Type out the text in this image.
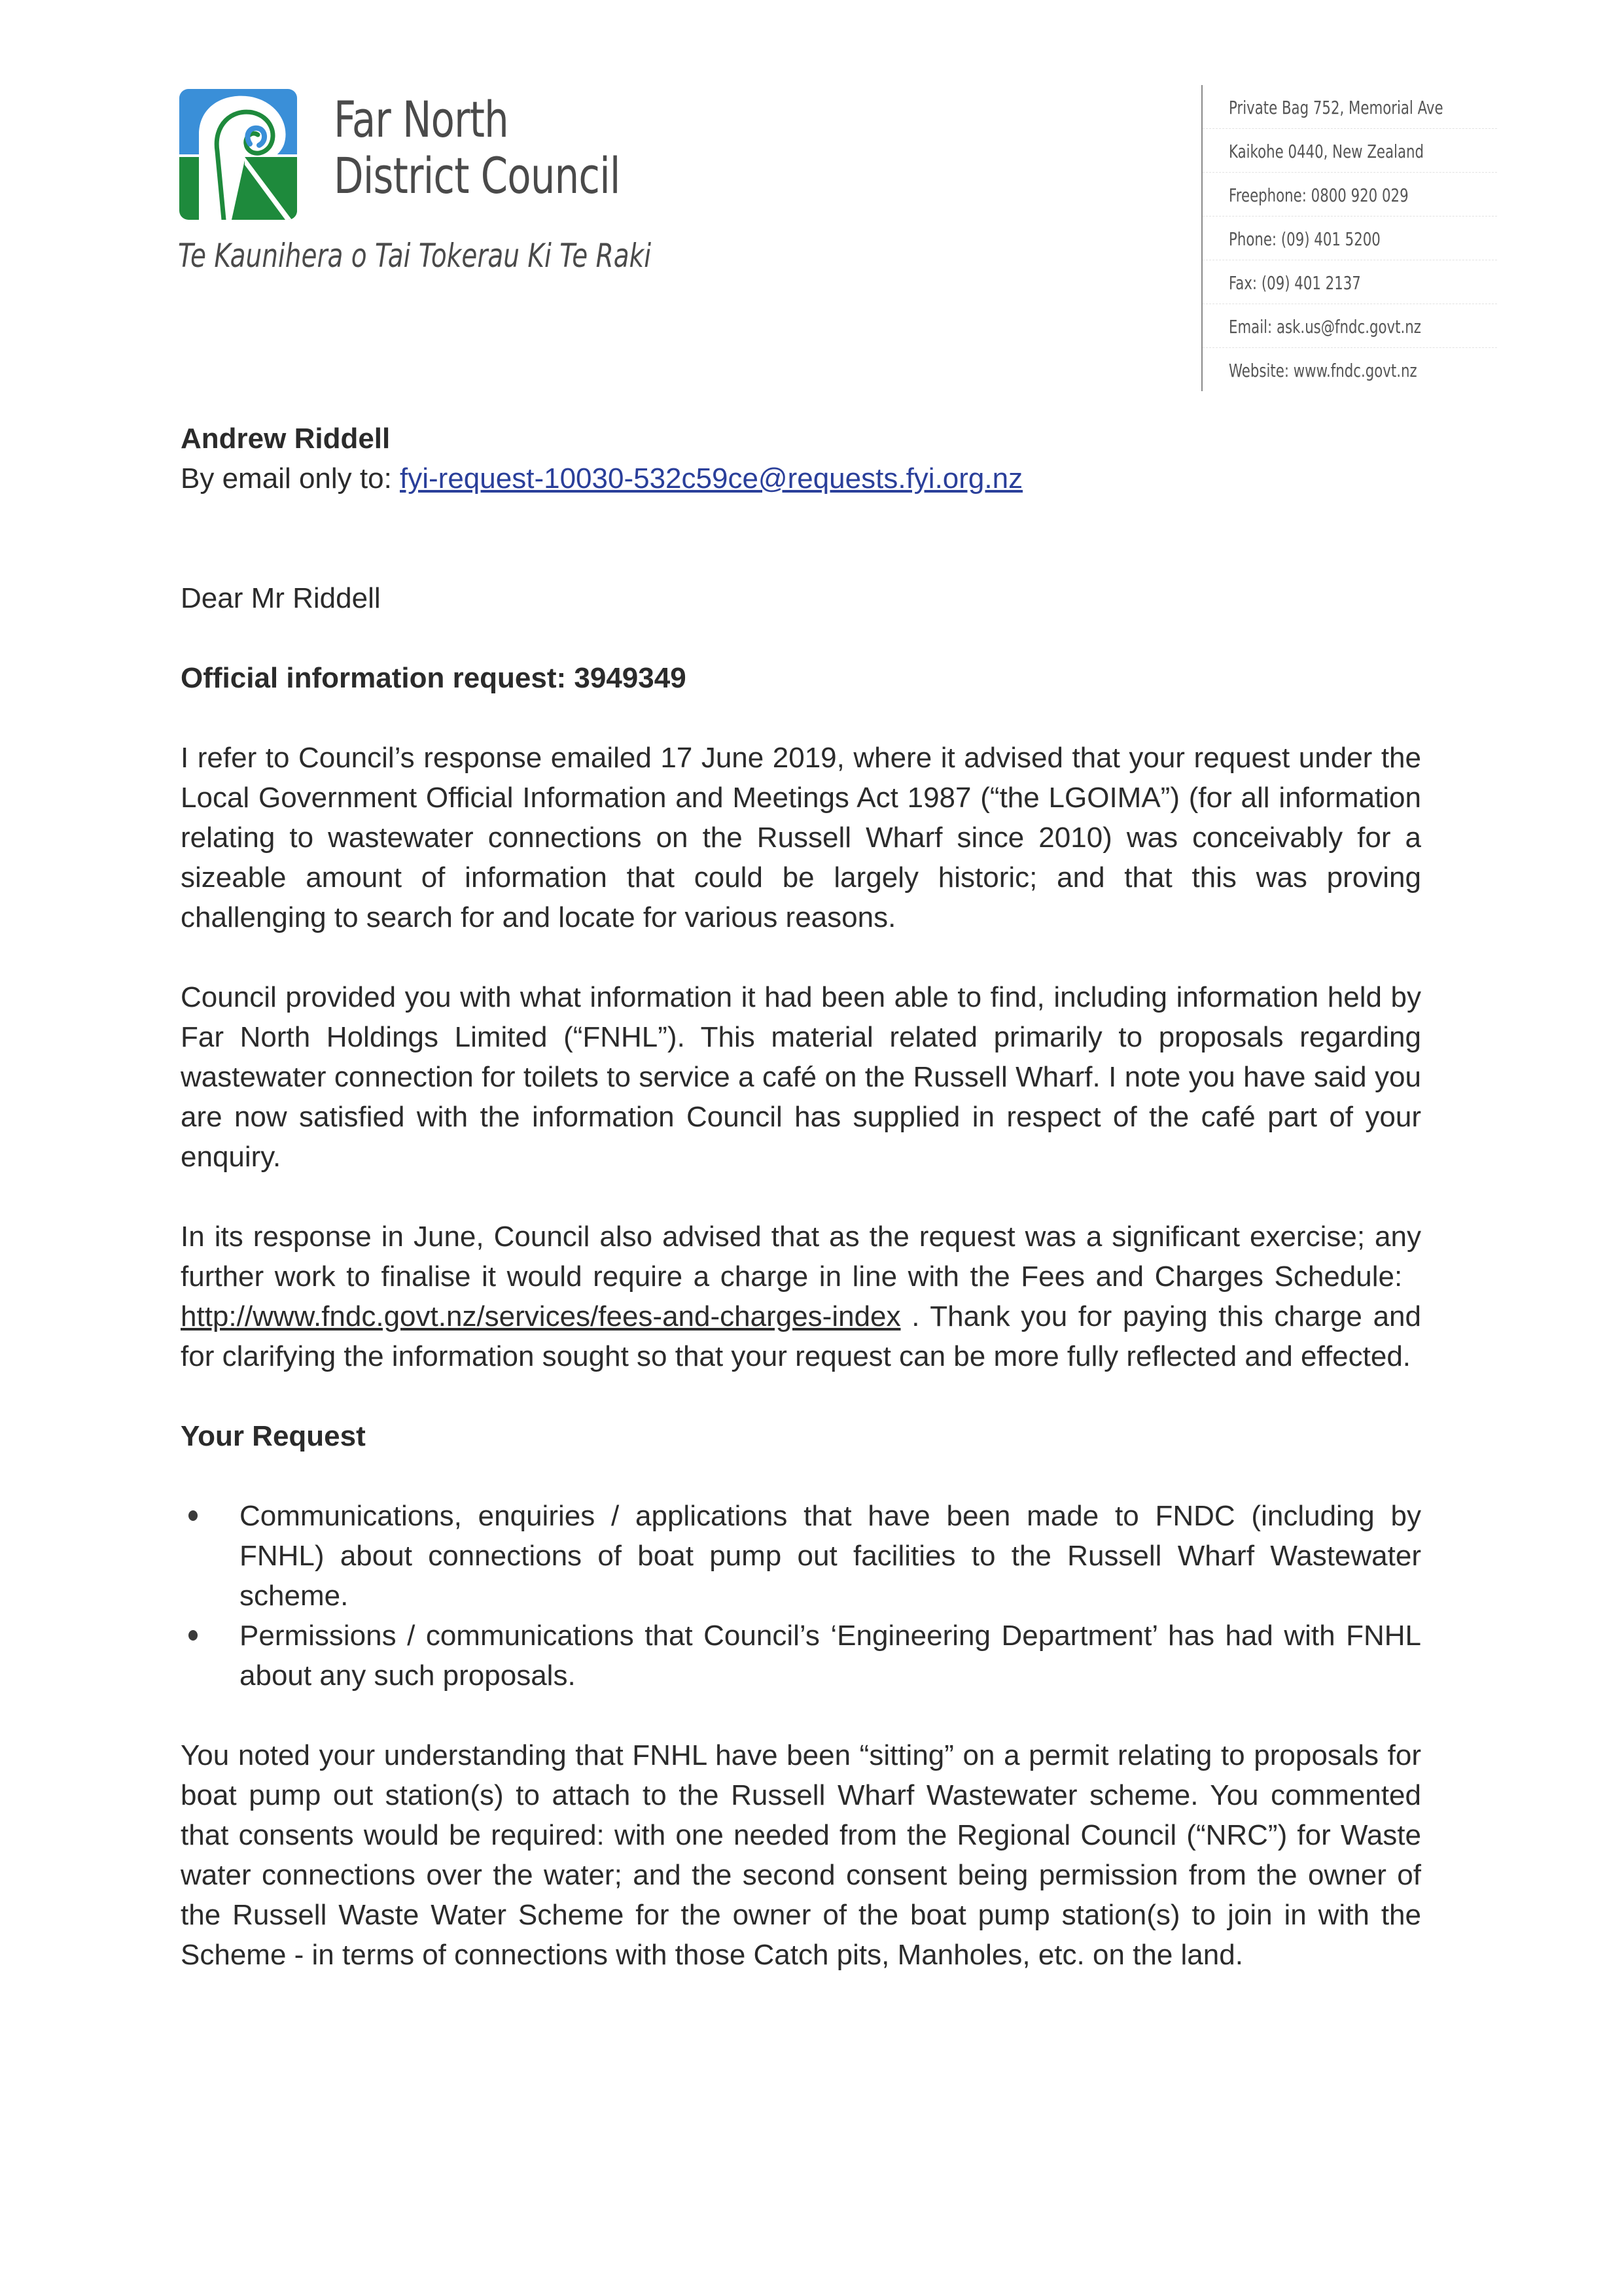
Far North
District Council
Te Kaunihera o Tai Tokerau Ki Te Raki
Private Bag 752, Memorial Ave
Kaikohe 0440, New Zealand
Freephone: 0800 920 029
Phone: (09) 401 5200
Fax: (09) 401 2137
Email: ask.us@fndc.govt.nz
Website: www.fndc.govt.nz

Andrew Riddell

By email only to: fyi-request-10030-532c59ce@requests.fyi.org.nz

Dear Mr Riddell

Official information request: 3949349

I refer to Council’s response emailed 17 June 2019, where it advised that your request under the Local Government Official Information and Meetings Act 1987 (“the LGOIMA”) (for all information relating to wastewater connections on the Russell Wharf since 2010) was conceivably for a sizeable amount of information that could be largely historic; and that this was proving challenging to search for and locate for various reasons.

Council provided you with what information it had been able to find, including information held by Far North Holdings Limited (“FNHL”). This material related primarily to proposals regarding wastewater connection for toilets to service a café on the Russell Wharf. I note you have said you are now satisfied with the information Council has supplied in respect of the café part of your enquiry.

In its response in June, Council also advised that as the request was a significant exercise; any further work to finalise it would require a charge in line with the Fees and Charges Schedule:   http://www.fndc.govt.nz/services/fees-and-charges-index . Thank you for paying this charge and for clarifying the information sought so that your request can be more fully reflected and effected.

Your Request

Communications, enquiries / applications that have been made to FNDC (including by FNHL) about connections of boat pump out facilities to the Russell Wharf Wastewater scheme.
Permissions / communications that Council’s ‘Engineering Department’ has had with FNHL about any such proposals.

You noted your understanding that FNHL have been “sitting” on a permit relating to proposals for boat pump out station(s) to attach to the Russell Wharf Wastewater scheme. You commented that consents would be required: with one needed from the Regional Council (“NRC”) for Waste water connections over the water; and the second consent being permission from the owner of the Russell Waste Water Scheme for the owner of the boat pump station(s) to join in with the Scheme - in terms of connections with those Catch pits, Manholes, etc. on the land.
